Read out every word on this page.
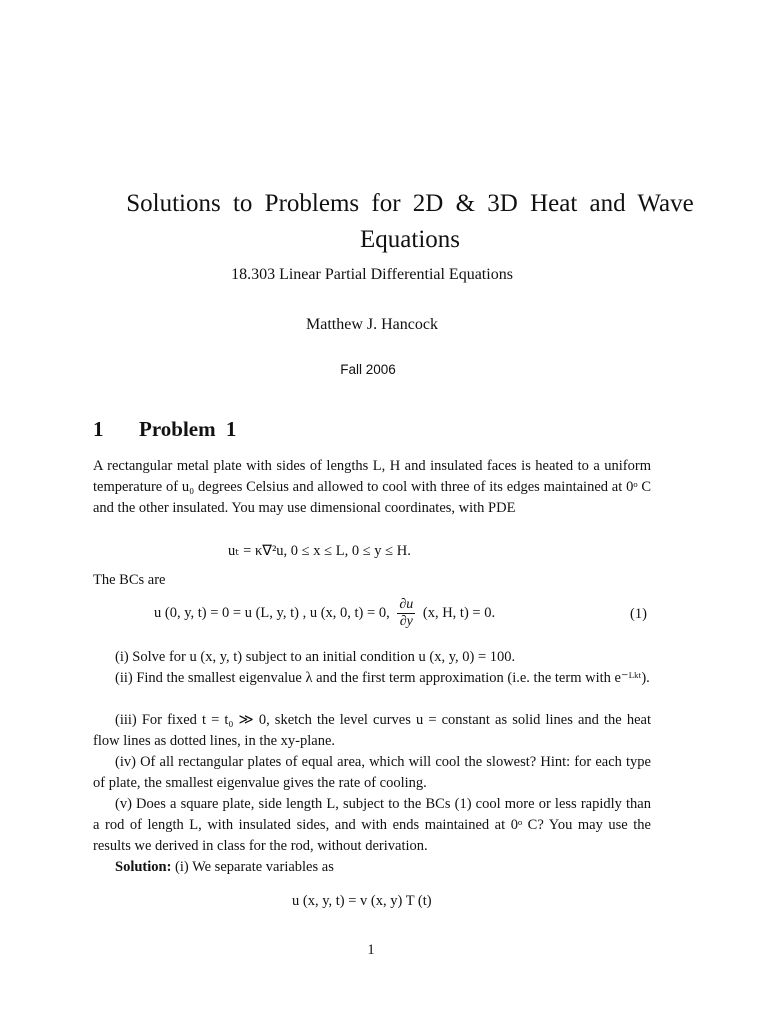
Solutions to Problems for 2D & 3D Heat and Wave Equations
18.303 Linear Partial Differential Equations
Matthew J. Hancock
Fall 2006
1 Problem 1

A rectangular metal plate with sides of lengths L, H and insulated faces is heated to a uniform temperature of u₀ degrees Celsius and allowed to cool with three of its edges maintained at 0ᵒ C and the other insulated. You may use dimensional coordinates, with PDE

uₜ = κ∇²u, 0 ≤ x ≤ L, 0 ≤ y ≤ H.

The BCs are

u (0, y, t) = 0 = u (L, y, t) , u (x, 0, t) = 0, $\frac{\partial u}{\partial y} (x$, H, t) = 0.	(1)

(i) Solve for u (x, y, t) subject to an initial condition u (x, y, 0) = 100.

(ii) Find the smallest eigenvalue λ and the first term approximation (i.e. the term with e⁻ᴸᵏᵗ).

(iii) For fixed t = t₀ ≫ 0, sketch the level curves u = constant as solid lines and the heat flow lines as dotted lines, in the xy-plane.

(iv) Of all rectangular plates of equal area, which will cool the slowest? Hint: for each type of plate, the smallest eigenvalue gives the rate of cooling.

(v) Does a square plate, side length L, subject to the BCs (1) cool more or less rapidly than a rod of length L, with insulated sides, and with ends maintained at 0ᵒ C? You may use the results we derived in class for the rod, without derivation.

Solution: (i) We separate variables as

u (x, y, t) = v (x, y) T (t)
1
